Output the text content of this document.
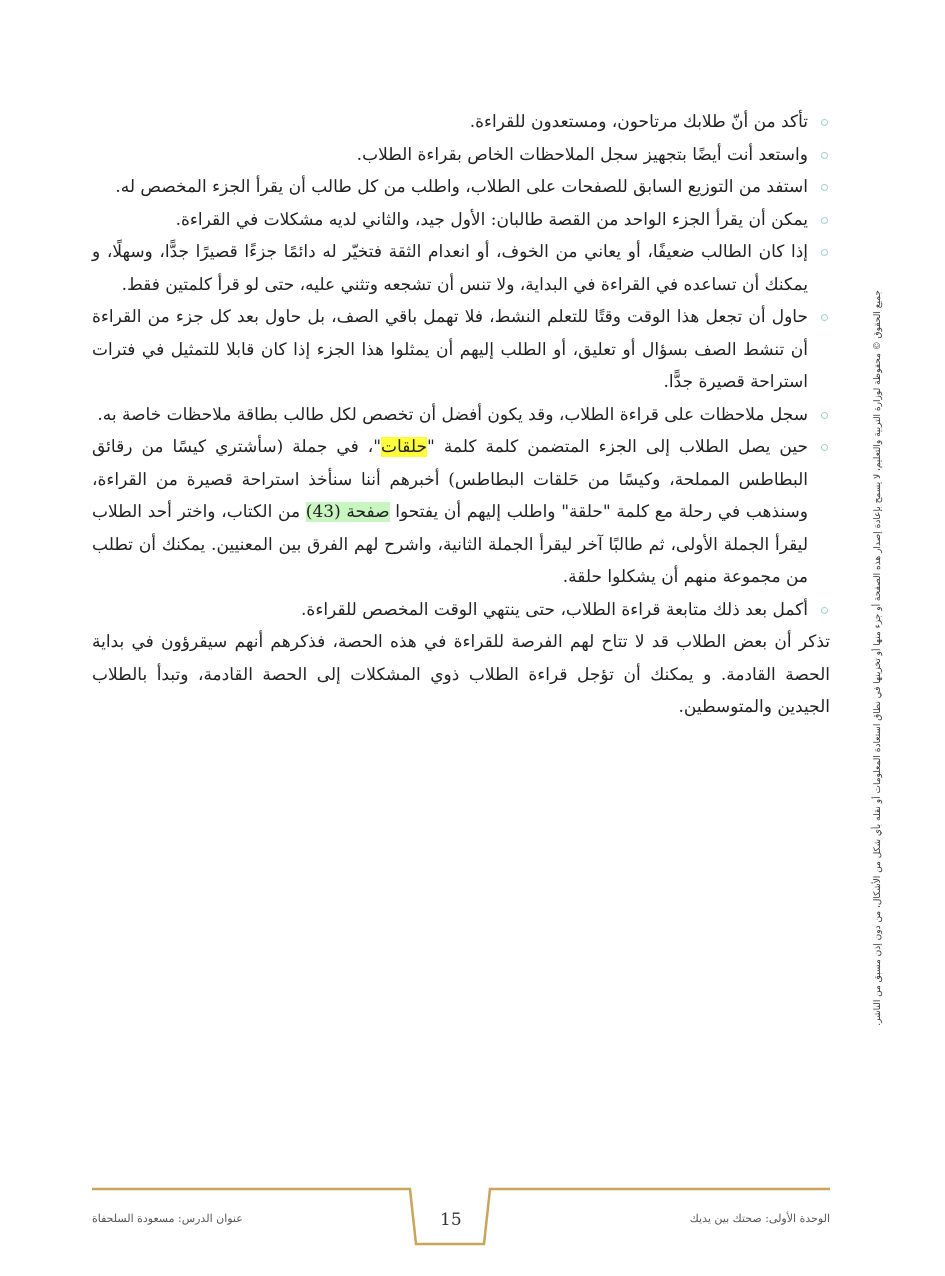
تأكد من أنّ طلابك مرتاحون، ومستعدون للقراءة.
واستعد أنت أيضًا بتجهيز سجل الملاحظات الخاص بقراءة الطلاب.
استفد من التوزيع السابق للصفحات على الطلاب، واطلب من كل طالب أن يقرأ الجزء المخصص له.
يمكن أن يقرأ الجزء الواحد من القصة طالبان: الأول جيد، والثاني لديه مشكلات في القراءة.
إذا كان الطالب ضعيفًا، أو يعاني من الخوف، أو انعدام الثقة فتخيّر له دائمًا جزءًا قصيرًا جدًّا، وسهلًا، و يمكنك أن تساعده في القراءة في البداية، ولا تنس أن تشجعه وتثني عليه، حتى لو قرأ كلمتين فقط.
حاول أن تجعل هذا الوقت وقتًا للتعلم النشط، فلا تهمل باقي الصف، بل حاول بعد كل جزء من القراءة أن تنشط الصف بسؤال أو تعليق، أو الطلب إليهم أن يمثلوا هذا الجزء إذا كان قابلا للتمثيل في فترات استراحة قصيرة جدًّا.
سجل ملاحظات على قراءة الطلاب، وقد يكون أفضل أن تخصص لكل طالب بطاقة ملاحظات خاصة به.
حين يصل الطلاب إلى الجزء المتضمن كلمة كلمة "حلقات"، في جملة (سأشتري كيسًا من رقائق البطاطس المملحة، وكيسًا من حَلقات البطاطس) أخبرهم أننا سنأخذ استراحة قصيرة من القراءة، وسنذهب في رحلة مع كلمة "حلقة" واطلب إليهم أن يفتحوا صفحة (43) من الكتاب، واختر أحد الطلاب ليقرأ الجملة الأولى، ثم طالبًا آخر ليقرأ الجملة الثانية، واشرح لهم الفرق بين المعنيين. يمكنك أن تطلب من مجموعة منهم أن يشكلوا حلقة.
أكمل بعد ذلك متابعة قراءة الطلاب، حتى ينتهي الوقت المخصص للقراءة.

تذكر أن بعض الطلاب قد لا تتاح لهم الفرصة للقراءة في هذه الحصة، فذكرهم أنهم سيقرؤون في بداية الحصة القادمة. و يمكنك أن تؤجل قراءة الطلاب ذوي المشكلات إلى الحصة القادمة، وتبدأ بالطلاب الجيدين والمتوسطين.	جميع الحقوق © محفوظة لوزارة التربية والتعليم، لا يسمح بإعادة إصدار هذه الصفحة أو جزء منها أو تخزينها في نطاق استعادة المعلومات أو نقله بأي شكل من الأشكال، من دون إذن مسبق من الناشر.
عنوان الدرس: مسعودة السلحفاة	15	الوحدة الأولى: صحتك بين يديك
